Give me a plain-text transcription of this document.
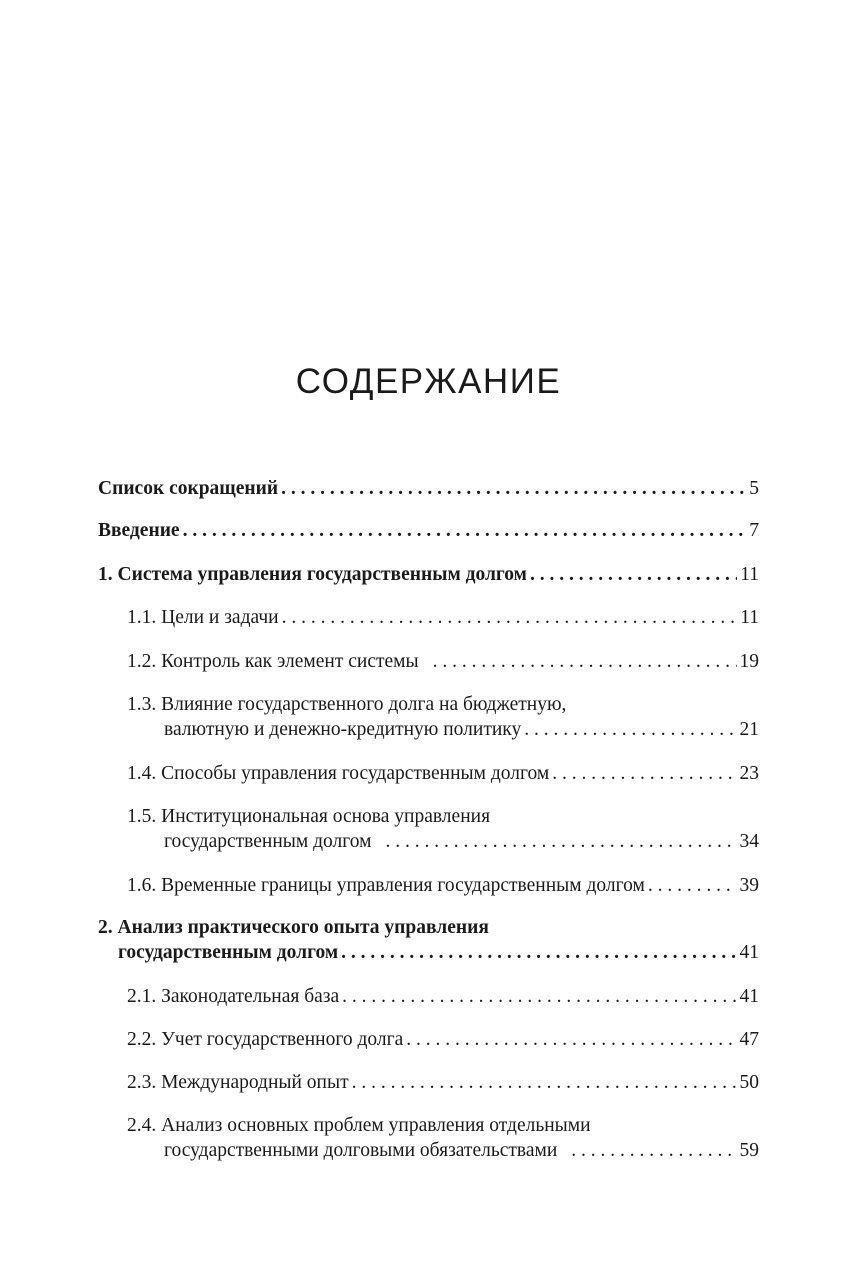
СОДЕРЖАНИЕ
Список сокращений . . .	5
Введение . . .	7
1. Система управления государственным долгом . . .	11
1.1. Цели и задачи . . .	11
1.2. Контроль как элемент системы . . .	19
1.3. Влияние государственного долга на бюджетную,
валютную и денежно-кредитную политику . . .	21
1.4. Способы управления государственным долгом . . .	23
1.5. Институциональная основа управления
государственным долгом . . .	34
1.6. Временные границы управления государственным долгом . . .	39
2. Анализ практического опыта управления
государственным долгом . . .	41
2.1. Законодательная база . . .	41
2.2. Учет государственного долга . . .	47
2.3. Международный опыт . . .	50
2.4. Анализ основных проблем управления отдельными
государственными долговыми обязательствами . . .	59
